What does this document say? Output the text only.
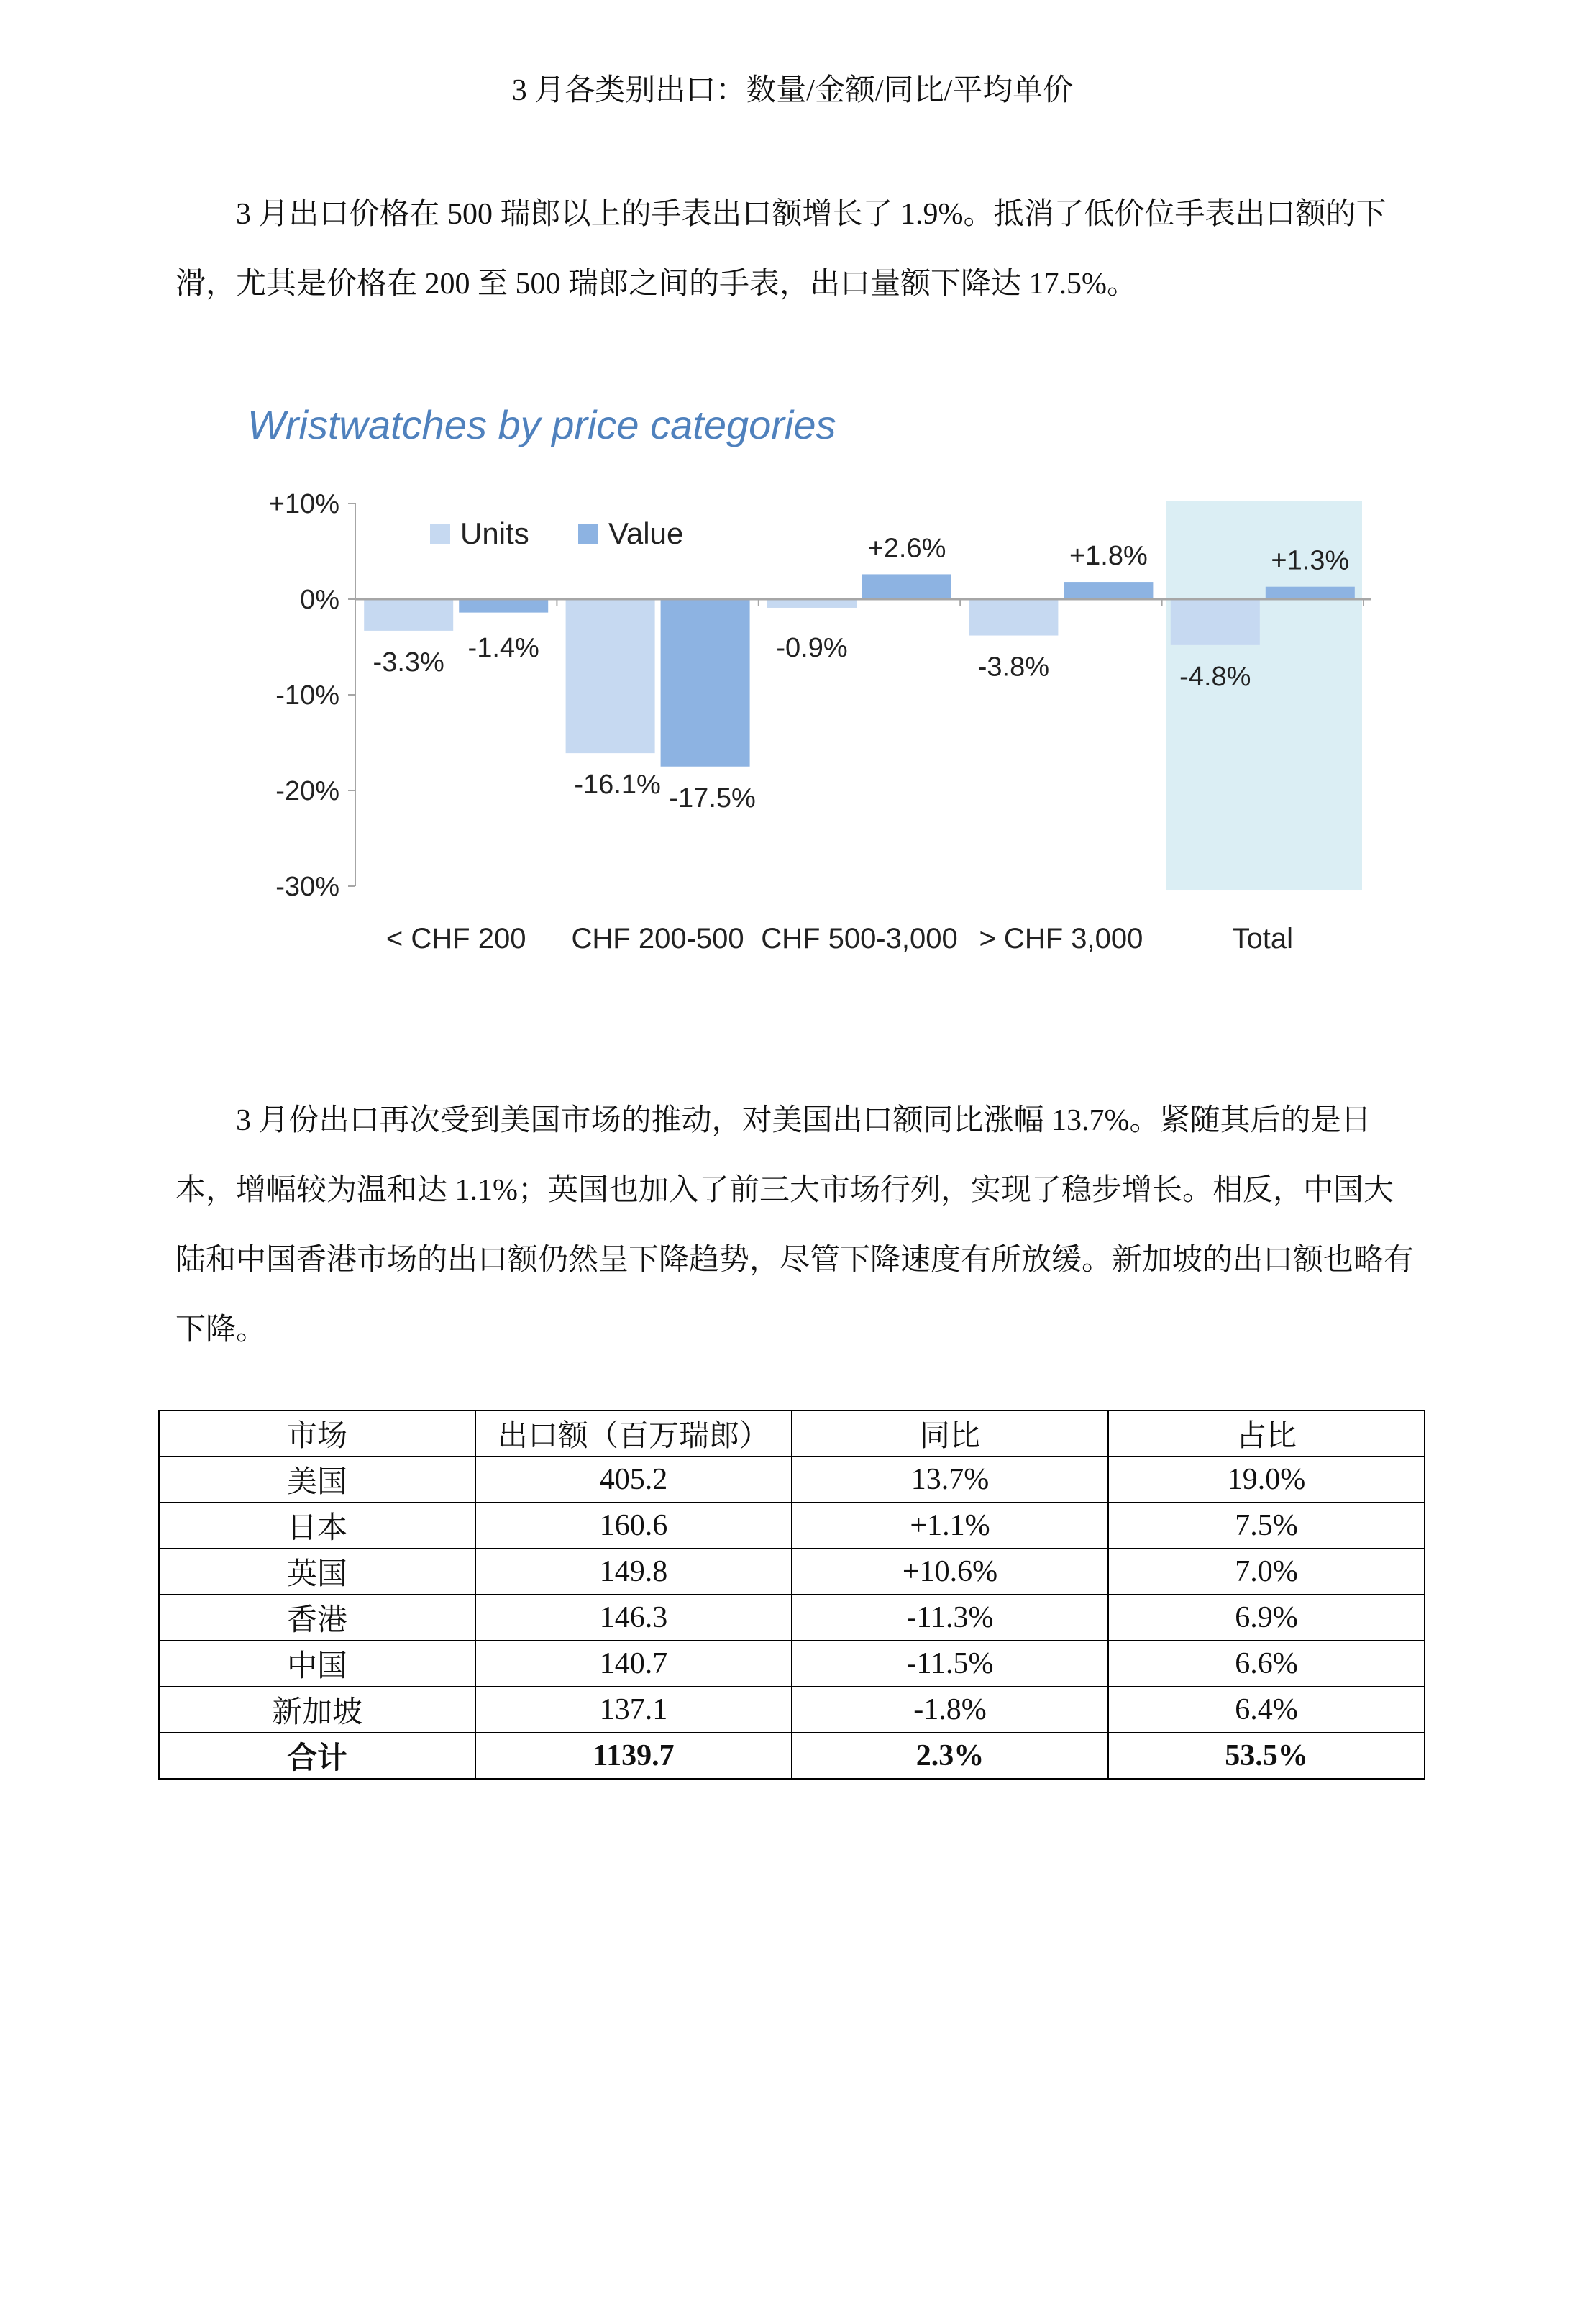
3 月各类别出口：数量/金额/同比/平均单价

3 月出口价格在 500 瑞郎以上的手表出口额增长了 1.9%。抵消了低价位手表出口额的下滑，尤其是价格在 200 至 500 瑞郎之间的手表，出口量额下降达 17.5%。

Wristwatches by price categories
+10%
0%
-10%
-20%
-30%
-3.3% -1.4%
< CHF 200
-16.1% -17.5%
CHF 200-500
-0.9%
+2.6%
CHF 500-3,000
-3.8%
+1.8%
> CHF 3,000
-4.8%
+1.3%
Total
Units	Value

3 月份出口再次受到美国市场的推动，对美国出口额同比涨幅 13.7%。紧随其后的是日本，增幅较为温和达 1.1%；英国也加入了前三大市场行列，实现了稳步增长。相反，中国大陆和中国香港市场的出口额仍然呈下降趋势，尽管下降速度有所放缓。新加坡的出口额也略有下降。

市场	出口额（百万瑞郎）	同比	占比
美国	405.2	13.7%	19.0%
日本	160.6	+1.1%	7.5%
英国	149.8	+10.6%	7.0%
香港	146.3	-11.3%	6.9%
中国	140.7	-11.5%	6.6%
新加坡	137.1	-1.8%	6.4%
合计	1139.7	2.3%	53.5%
